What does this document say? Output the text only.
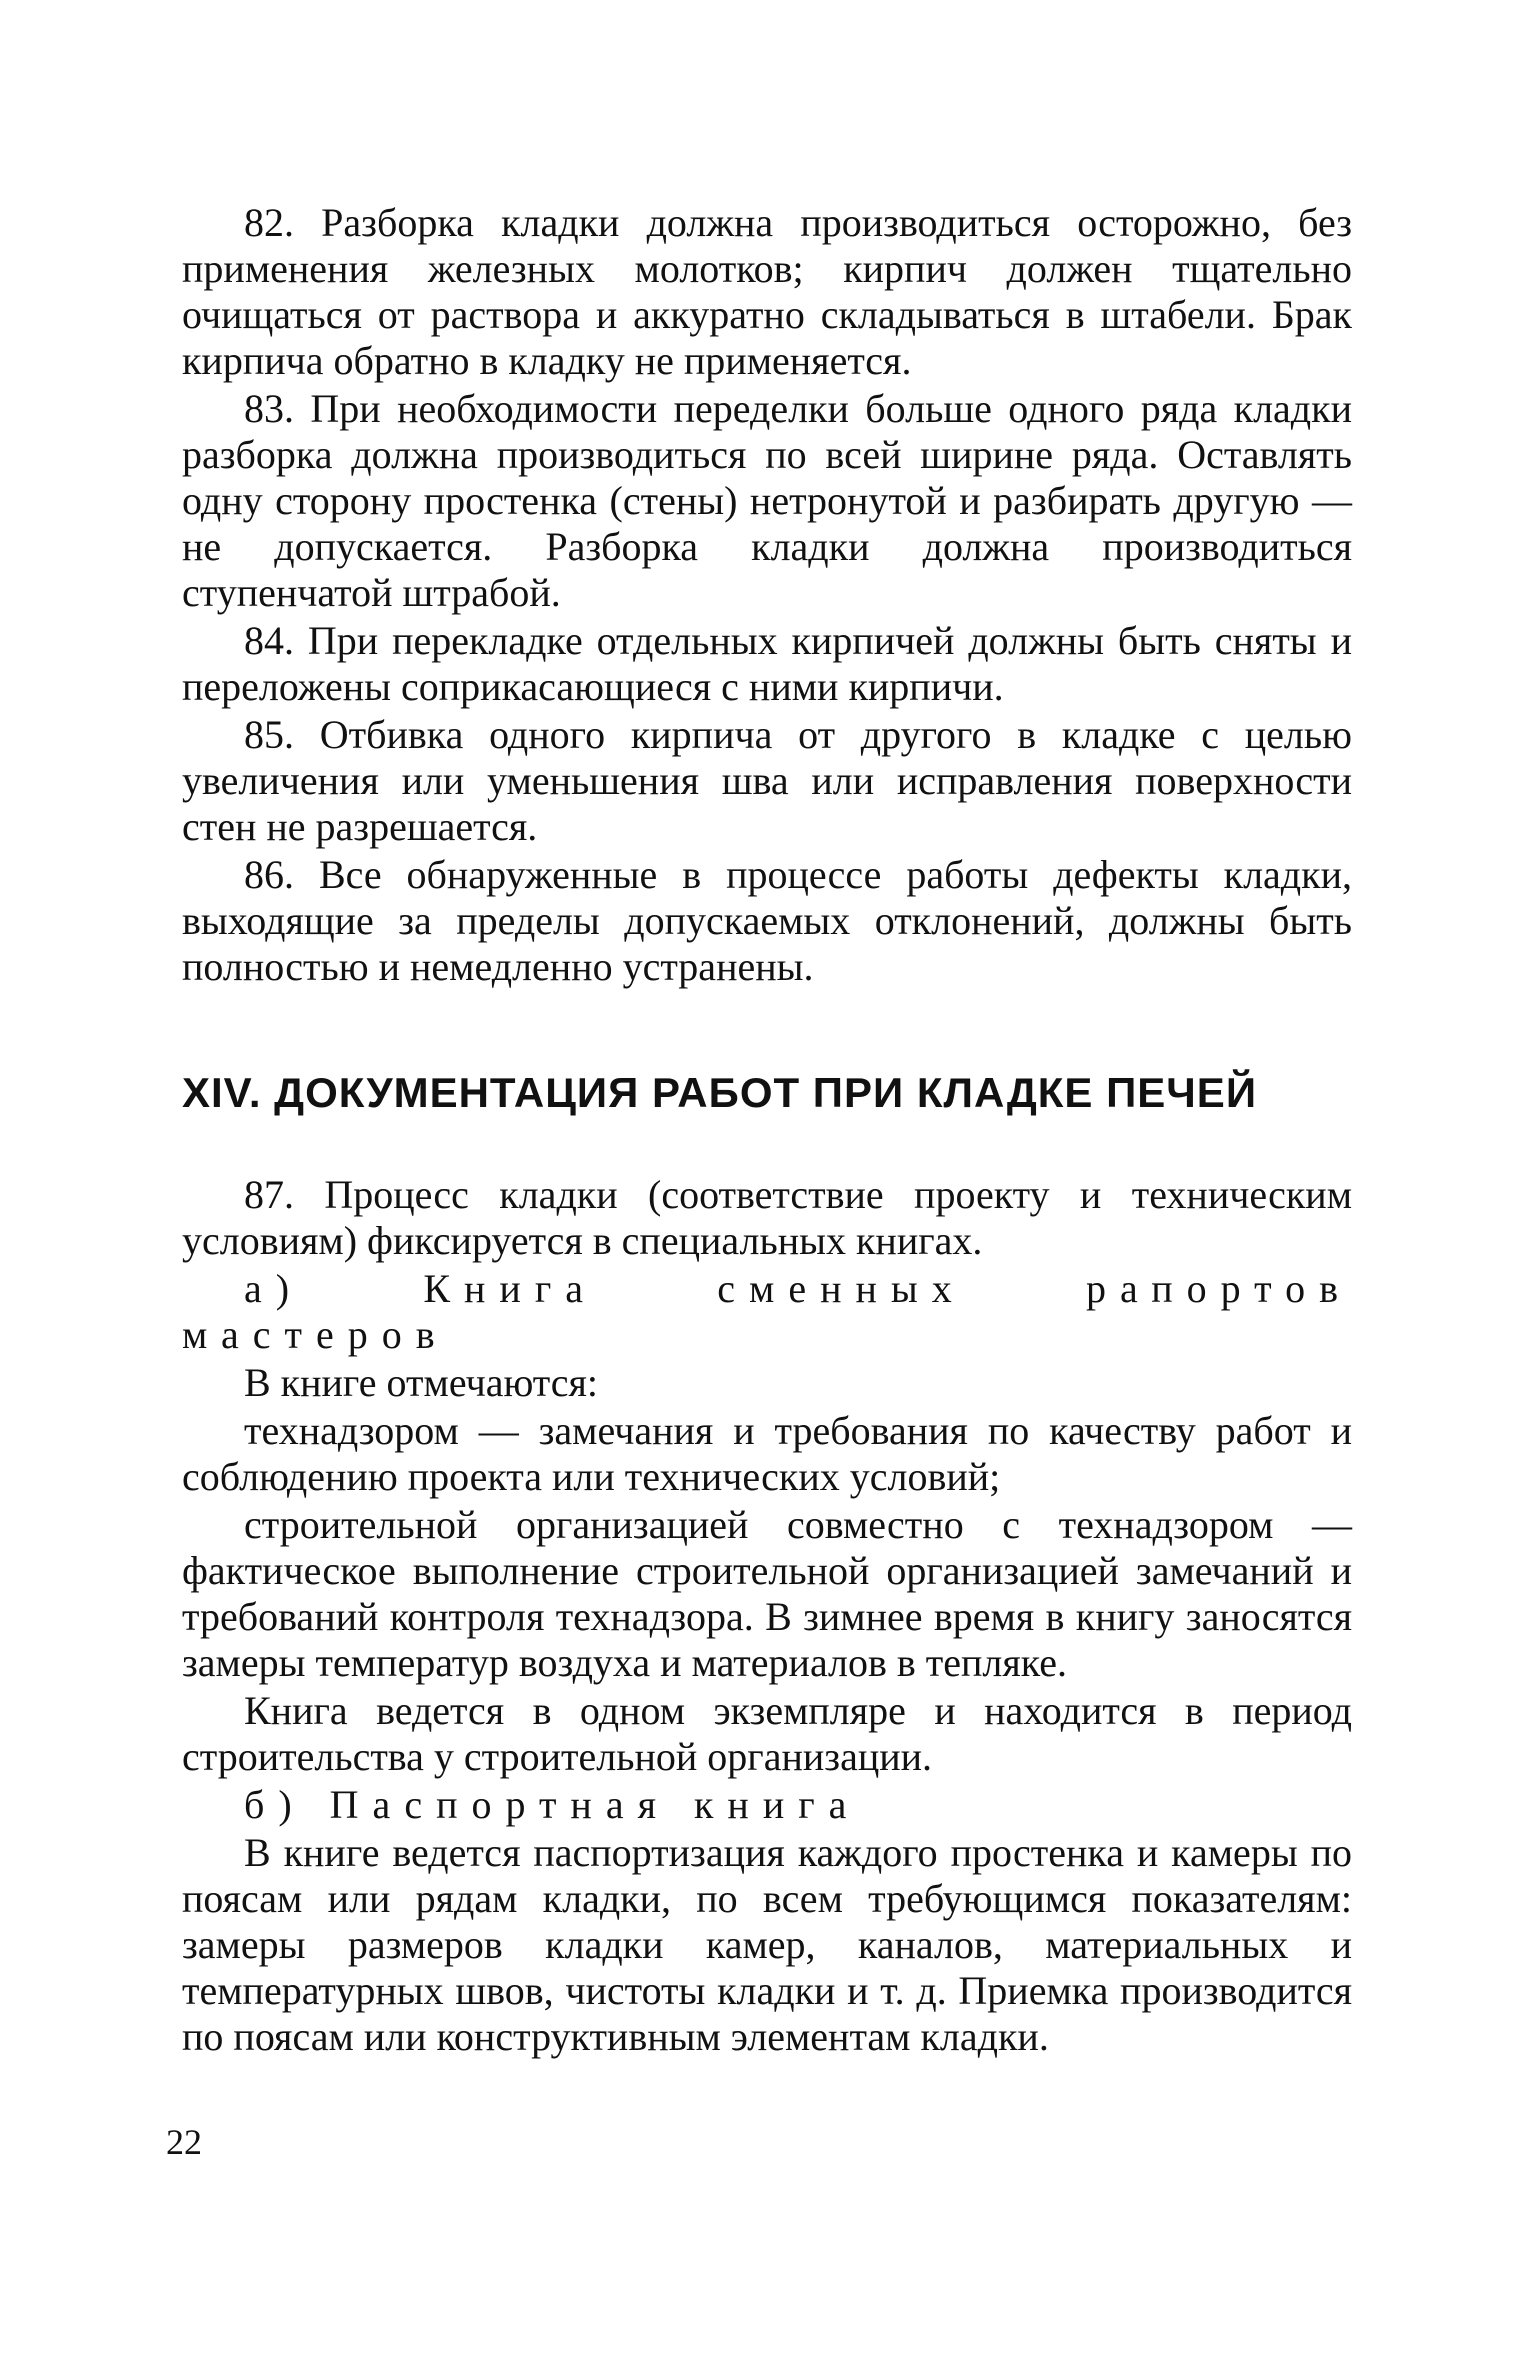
82. Разборка кладки должна производиться осторожно, без применения железных молотков; кирпич должен тщательно очищаться от раствора и аккуратно складываться в штабели. Брак кирпича обратно в кладку не применяется.

83. При необходимости переделки больше одного ряда кладки разборка должна производиться по всей ширине ряда. Оставлять одну сторону простенка (стены) нетронутой и разбирать другую — не допускается. Разборка кладки должна производиться ступенчатой штрабой.

84. При перекладке отдельных кирпичей должны быть сняты и переложены соприкасающиеся с ними кирпичи.

85. Отбивка одного кирпича от другого в кладке с целью увеличения или уменьшения шва или исправления поверхности стен не разрешается.

86. Все обнаруженные в процессе работы дефекты кладки, выходящие за пределы допускаемых отклонений, должны быть полностью и немедленно устранены.

XIV. ДОКУМЕНТАЦИЯ РАБОТ ПРИ КЛАДКЕ ПЕЧЕЙ

87. Процесс кладки (соответствие проекту и техническим условиям) фиксируется в специальных книгах.

а) Книга сменных рапортов мастеров

В книге отмечаются:

технадзором — замечания и требования по качеству работ и соблюдению проекта или технических условий;

строительной организацией совместно с технадзором — фактическое выполнение строительной организацией замечаний и требований контроля технадзора. В зимнее время в книгу заносятся замеры температур воздуха и материалов в тепляке.

Книга ведется в одном экземпляре и находится в период строительства у строительной организации.

б) Паспортная книга

В книге ведется паспортизация каждого простенка и камеры по поясам или рядам кладки, по всем требующимся показателям: замеры размеров кладки камер, каналов, материальных и температурных швов, чистоты кладки и т. д. Приемка производится по поясам или конструктивным элементам кладки.

22
